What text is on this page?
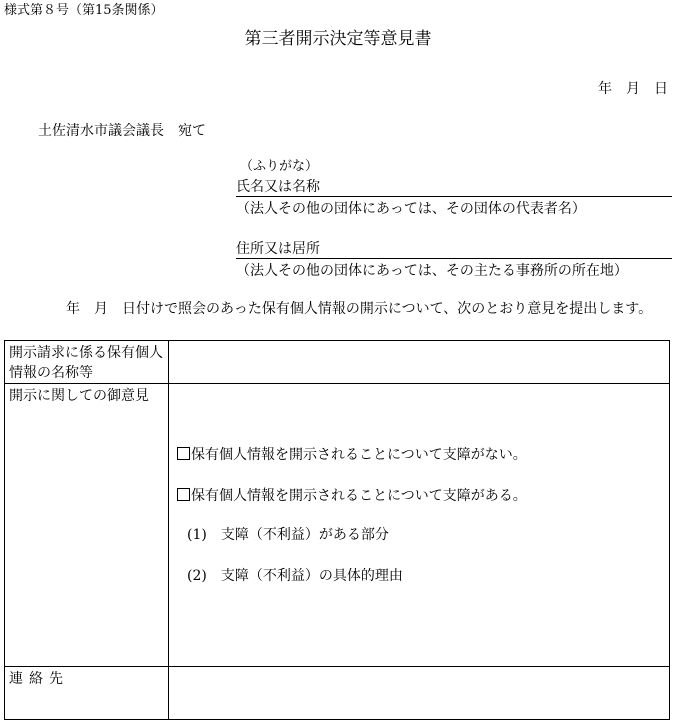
様式第８号（第15条関係）
第三者開示決定等意見書
年　月　日
土佐清水市議会議長　宛て
（ふりがな）
氏名又は名称
（法人その他の団体にあっては、その団体の代表者名）
住所又は居所
（法人その他の団体にあっては、その主たる事務所の所在地）
年　月　日付けで照会のあった保有個人情報の開示について、次のとおり意見を提出します。
開示請求に係る保有個人情報の名称等	
開示に関しての御意見	保有個人情報を開示されることについて支障がない。
保有個人情報を開示されることについて支障がある。
(1) 支障（不利益）がある部分
(2) 支障（不利益）の具体的理由

連絡先	
